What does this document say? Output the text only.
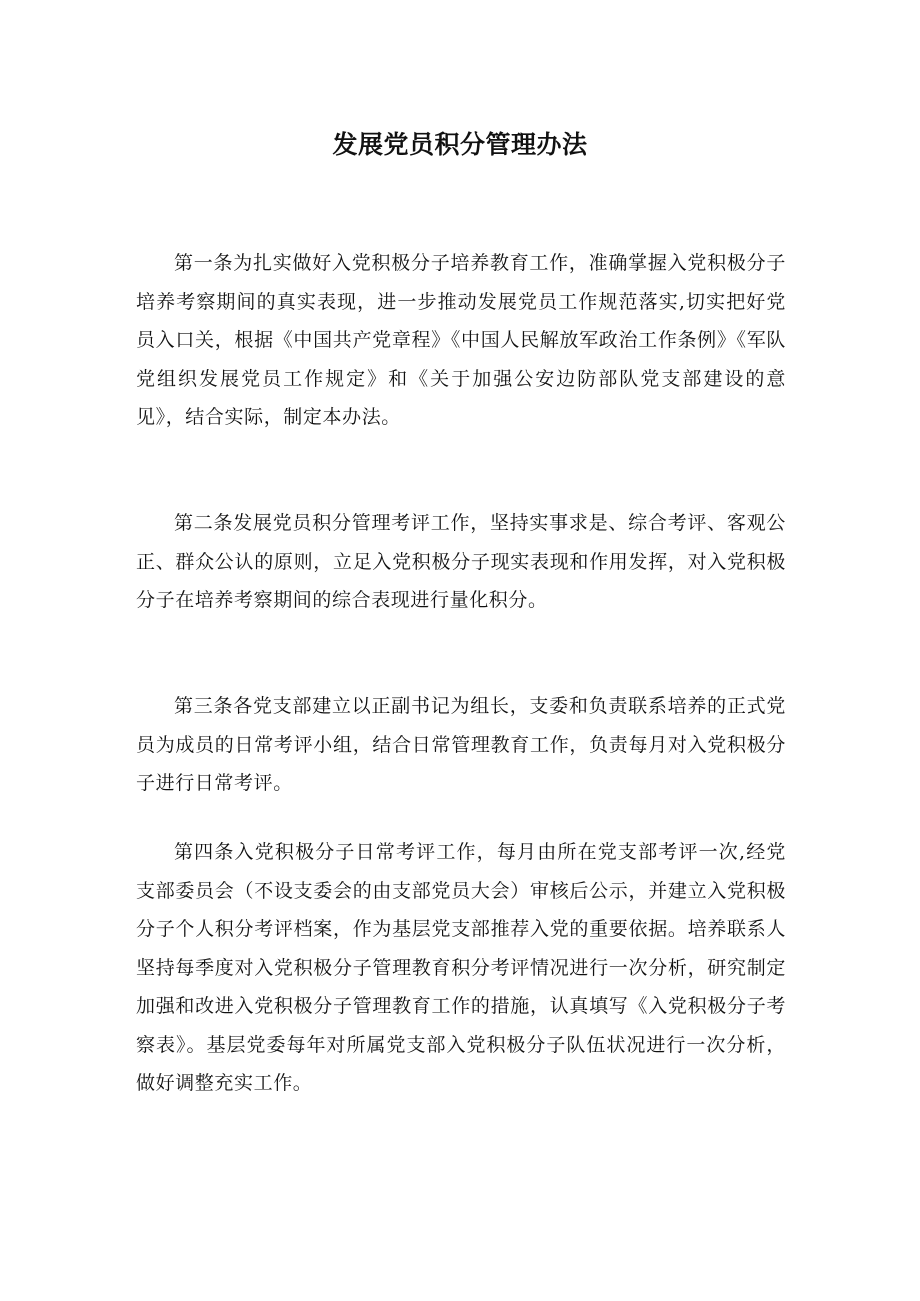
发展党员积分管理办法

第一条为扎实做好入党积极分子培养教育工作，准确掌握入党积极分子培养考察期间的真实表现，进一步推动发展党员工作规范落实,切实把好党员入口关，根据《中国共产党章程》《中国人民解放军政治工作条例》《军队党组织发展党员工作规定》和《关于加强公安边防部队党支部建设的意见》，结合实际，制定本办法。

第二条发展党员积分管理考评工作，坚持实事求是、综合考评、客观公正、群众公认的原则，立足入党积极分子现实表现和作用发挥，对入党积极分子在培养考察期间的综合表现进行量化积分。

第三条各党支部建立以正副书记为组长，支委和负责联系培养的正式党员为成员的日常考评小组，结合日常管理教育工作，负责每月对入党积极分子进行日常考评。

第四条入党积极分子日常考评工作，每月由所在党支部考评一次,经党支部委员会（不设支委会的由支部党员大会）审核后公示，并建立入党积极分子个人积分考评档案，作为基层党支部推荐入党的重要依据。培养联系人坚持每季度对入党积极分子管理教育积分考评情况进行一次分析，研究制定加强和改进入党积极分子管理教育工作的措施，认真填写《入党积极分子考察表》。基层党委每年对所属党支部入党积极分子队伍状况进行一次分析，做好调整充实工作。
